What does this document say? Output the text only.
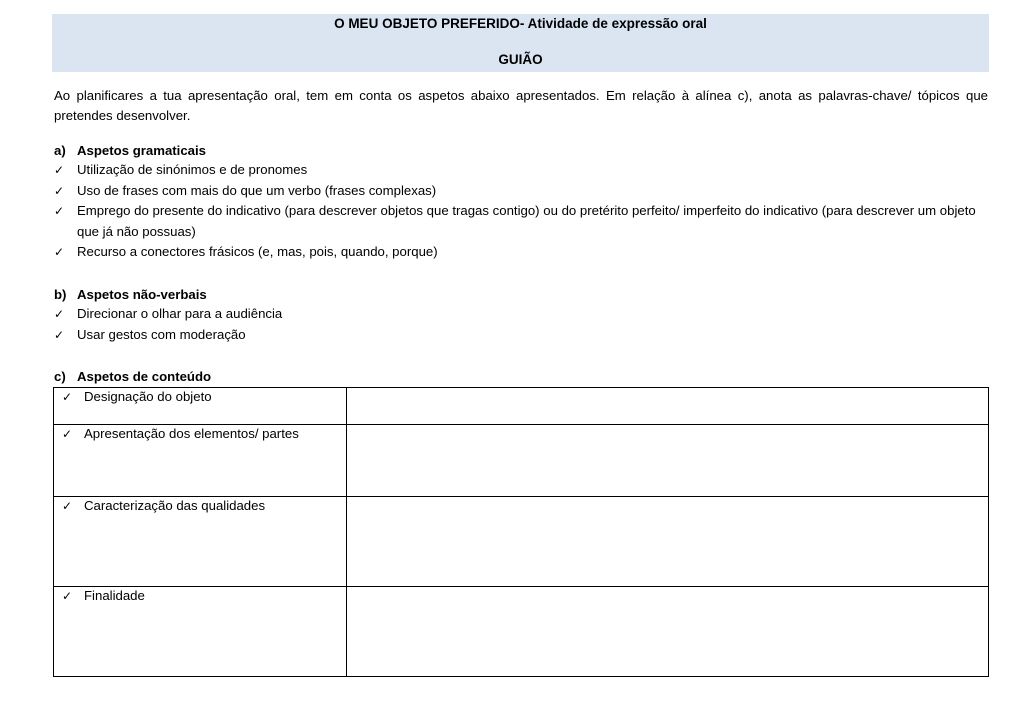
O MEU OBJETO PREFERIDO- Atividade de expressão oral
GUIÃO
Ao planificares a tua apresentação oral, tem em conta os aspetos abaixo apresentados. Em relação à alínea c), anota as palavras-chave/ tópicos que pretendes desenvolver.
a) Aspetos gramaticais
✓ Utilização de sinónimos e de pronomes
✓ Uso de frases com mais do que um verbo (frases complexas)
✓ Emprego do presente do indicativo (para descrever objetos que tragas contigo) ou do pretérito perfeito/ imperfeito do indicativo (para descrever um objeto que já não possuas)
✓ Recurso a conectores frásicos (e, mas, pois, quando, porque)
b) Aspetos não-verbais
✓ Direcionar o olhar para a audiência
✓ Usar gestos com moderação
c) Aspetos de conteúdo
✓ Designação do objeto	

✓ Apresentação dos elementos/ partes	

✓ Caracterização das qualidades	

✓ Finalidade	
